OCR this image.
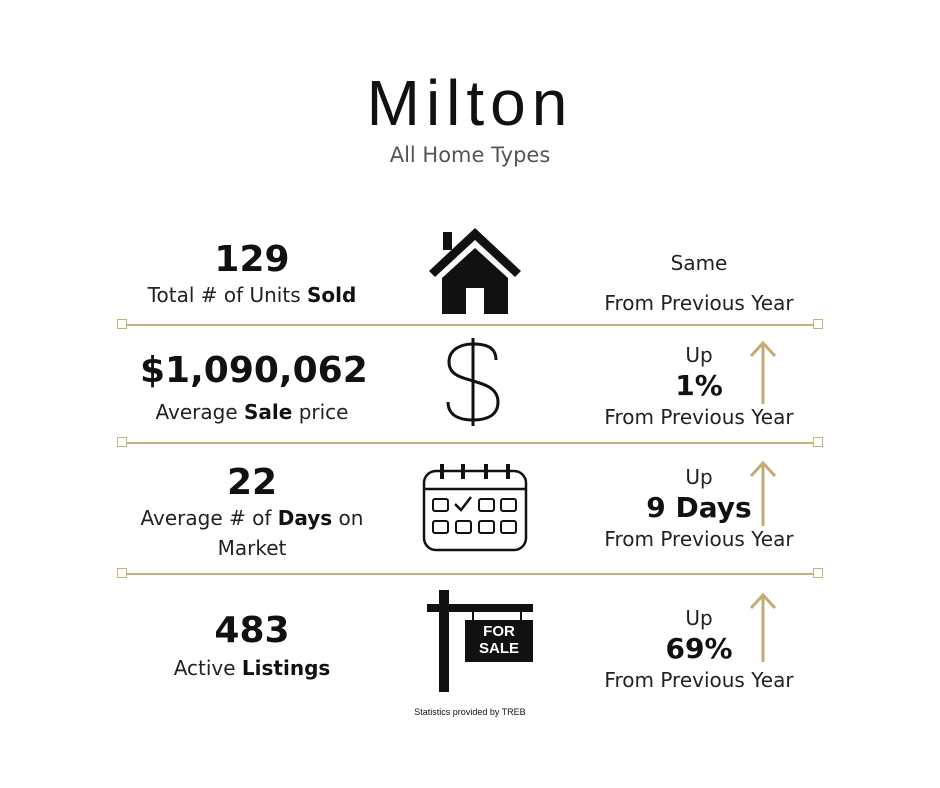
Milton
All Home Types
129
Total # of Units Sold
Same
From Previous Year
$1,090,062
Average Sale price
Up
1%
From Previous Year
22
Average # of Days on Market
Up
9 Days
From Previous Year
483
Active Listings
FOR
SALE
Up
69%
From Previous Year
Statistics provided by TREB
